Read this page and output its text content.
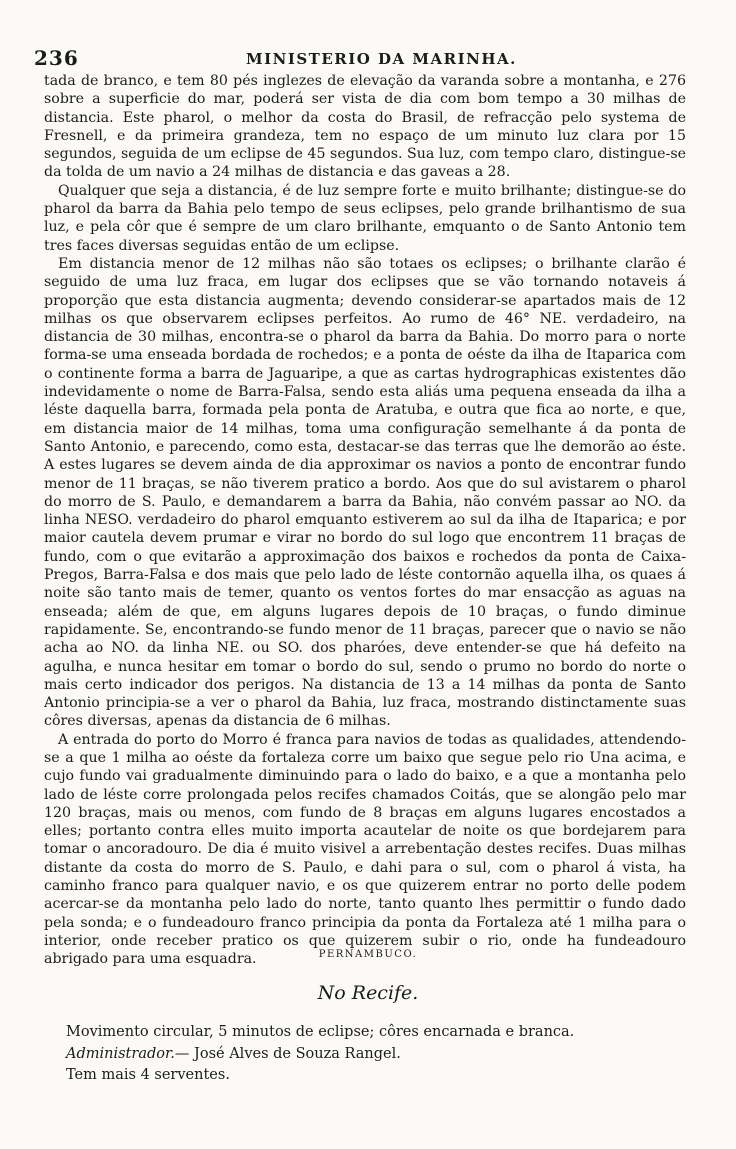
236	MINISTERIO DA MARINHA.

tada de branco, e tem 80 pés inglezes de elevação da varanda sobre a montanha, e 276 sobre a superficie do mar, poderá ser vista de dia com bom tempo a 30 milhas de distancia. Este pharol, o melhor da costa do Brasil, de refracção pelo systema de Fresnell, e da primeira grandeza, tem no espaço de um minuto luz clara por 15 segundos, seguida de um eclipse de 45 segundos. Sua luz, com tempo claro, distingue-se da tolda de um navio a 24 milhas de distancia e das gaveas a 28.

Qualquer que seja a distancia, é de luz sempre forte e muito brilhante; distingue-se do pharol da barra da Bahia pelo tempo de seus eclipses, pelo grande brilhantismo de sua luz, e pela côr que é sempre de um claro brilhante, emquanto o de Santo Antonio tem tres faces diversas seguidas então de um eclipse.

Em distancia menor de 12 milhas não são totaes os eclipses; o brilhante clarão é seguido de uma luz fraca, em lugar dos eclipses que se vão tornando notaveis á proporção que esta distancia augmenta; devendo considerar-se apartados mais de 12 milhas os que observarem eclipses perfeitos. Ao rumo de 46° NE. verdadeiro, na distancia de 30 milhas, encontra-se o pharol da barra da Bahia. Do morro para o norte forma-se uma enseada bordada de rochedos; e a ponta de oéste da ilha de Itaparica com o continente forma a barra de Jaguaripe, a que as cartas hydrographicas existentes dão indevidamente o nome de Barra-Falsa, sendo esta aliás uma pequena enseada da ilha a léste daquella barra, formada pela ponta de Aratuba, e outra que fica ao norte, e que, em distancia maior de 14 milhas, toma uma configuração semelhante á da ponta de Santo Antonio, e parecendo, como esta, destacar-se das terras que lhe demorão ao éste. A estes lugares se devem ainda de dia approximar os navios a ponto de encontrar fundo menor de 11 braças, se não tiverem pratico a bordo. Aos que do sul avistarem o pharol do morro de S. Paulo, e demandarem a barra da Bahia, não convém passar ao NO. da linha NESO. verdadeiro do pharol emquanto estiverem ao sul da ilha de Itaparica; e por maior cautela devem prumar e virar no bordo do sul logo que encontrem 11 braças de fundo, com o que evitarão a approximação dos baixos e rochedos da ponta de Caixa-Pregos, Barra-Falsa e dos mais que pelo lado de léste contornão aquella ilha, os quaes á noite são tanto mais de temer, quanto os ventos fortes do mar ensacção as aguas na enseada; além de que, em alguns lugares depois de 10 braças, o fundo diminue rapidamente. Se, encontrando-se fundo menor de 11 braças, parecer que o navio se não acha ao NO. da linha NE. ou SO. dos pharóes, deve entender-se que há defeito na agulha, e nunca hesitar em tomar o bordo do sul, sendo o prumo no bordo do norte o mais certo indicador dos perigos. Na distancia de 13 a 14 milhas da ponta de Santo Antonio principia-se a ver o pharol da Bahia, luz fraca, mostrando distinctamente suas côres diversas, apenas da distancia de 6 milhas.

A entrada do porto do Morro é franca para navios de todas as qualidades, attendendo-se a que 1 milha ao oéste da fortaleza corre um baixo que segue pelo rio Una acima, e cujo fundo vai gradualmente diminuindo para o lado do baixo, e a que a montanha pelo lado de léste corre prolongada pelos recifes chamados Coitás, que se alongão pelo mar 120 braças, mais ou menos, com fundo de 8 braças em alguns lugares encostados a elles; portanto contra elles muito importa acautelar de noite os que bordejarem para tomar o ancoradouro. De dia é muito visivel a arrebentação destes recifes. Duas milhas distante da costa do morro de S. Paulo, e dahi para o sul, com o pharol á vista, ha caminho franco para qualquer navio, e os que quizerem entrar no porto delle podem acercar-se da montanha pelo lado do norte, tanto quanto lhes permittir o fundo dado pela sonda; e o fundeadouro franco principia da ponta da Fortaleza até 1 milha para o interior, onde receber pratico os que quizerem subir o rio, onde ha fundeadouro abrigado para uma esquadra.	PERNAMBUCO.
No Recife.
Movimento circular, 5 minutos de eclipse; côres encarnada e branca.
Administrador.— José Alves de Souza Rangel.
Tem mais 4 serventes.
